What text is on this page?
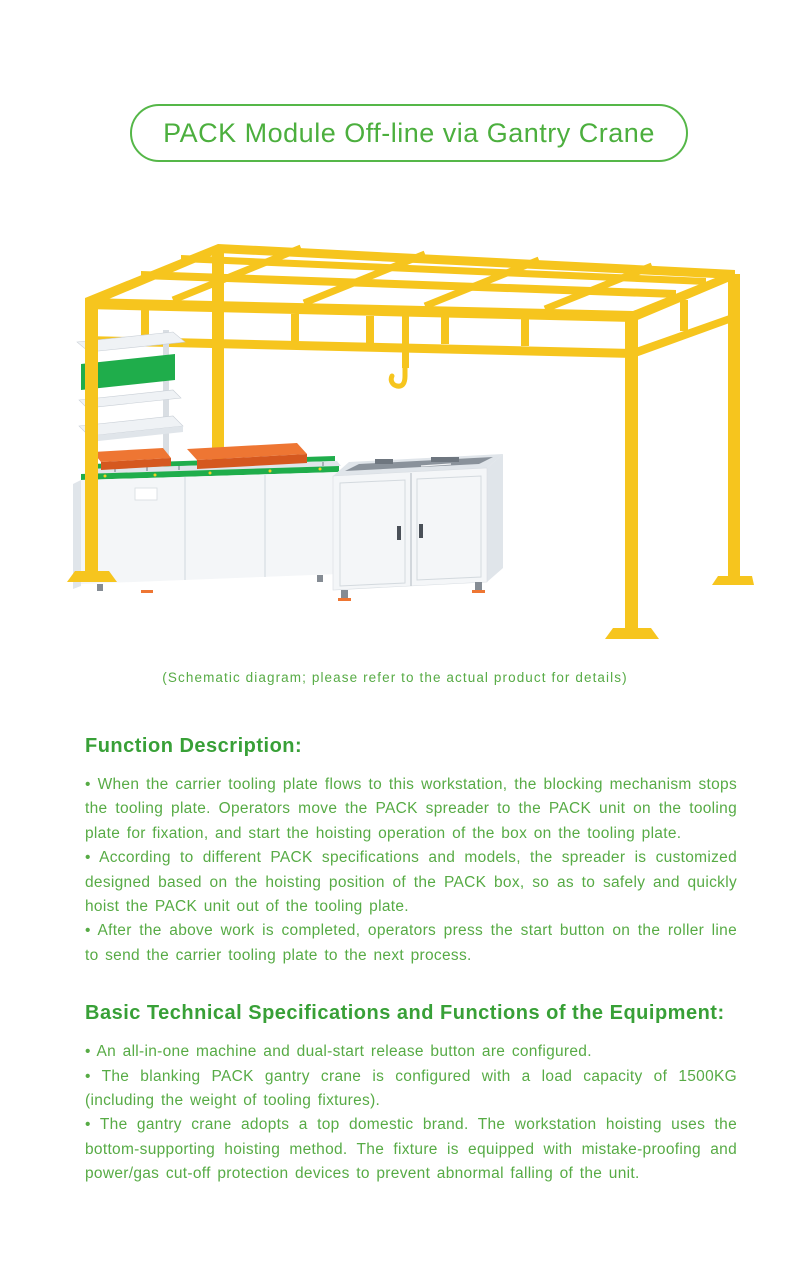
PACK Module Off-line via Gantry Crane
(Schematic diagram; please refer to the actual product for details)
Function Description:

• When the carrier tooling plate flows to this workstation, the blocking mechanism stops the tooling plate. Operators move the PACK spreader to the PACK unit on the tooling plate for fixation, and start the hoisting operation of the box on the tooling plate.

• According to different PACK specifications and models, the spreader is customized designed based on the hoisting position of the PACK box, so as to safely and quickly hoist the PACK unit out of the tooling plate.

• After the above work is completed, operators press the start button on the roller line to send the carrier tooling plate to the next process.

Basic Technical Specifications and Functions of the Equipment:

• An all-in-one machine and dual-start release button are configured.

• The blanking PACK gantry crane is configured with a load capacity of 1500KG (including the weight of tooling fixtures).

• The gantry crane adopts a top domestic brand. The workstation hoisting uses the bottom-supporting hoisting method. The fixture is equipped with mistake-proofing and power/gas cut-off protection devices to prevent abnormal falling of the unit.
